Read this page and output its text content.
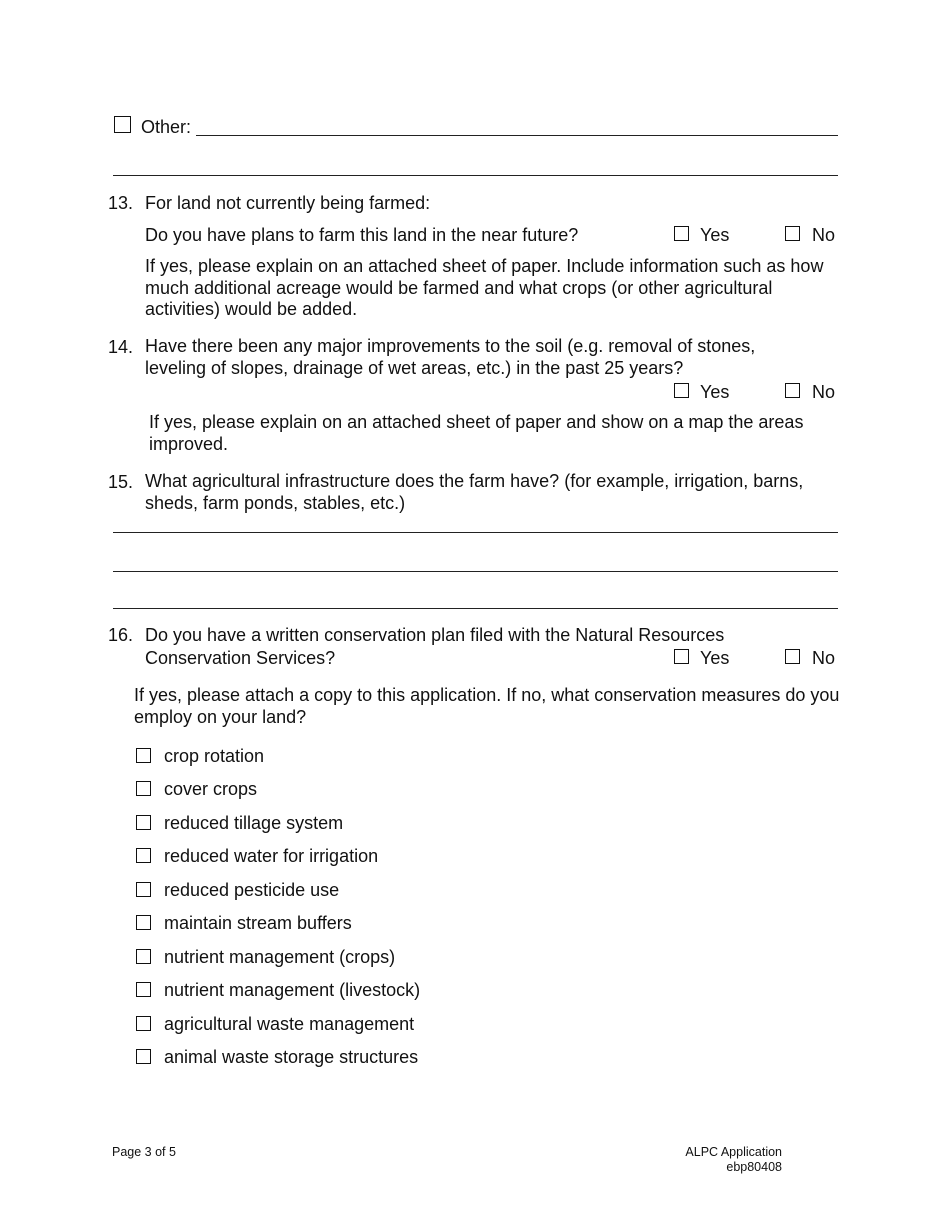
Other:
13. For land not currently being farmed:
Do you have plans to farm this land in the near future?	Yes	No
If yes, please explain on an attached sheet of paper. Include information such as how much additional acreage would be farmed and what crops (or other agricultural activities) would be added.
14. Have there been any major improvements to the soil (e.g. removal of stones, leveling of slopes, drainage of wet areas, etc.) in the past 25 years?
Yes	No
If yes, please explain on an attached sheet of paper and show on a map the areas improved.
15. What agricultural infrastructure does the farm have? (for example, irrigation, barns, sheds, farm ponds, stables, etc.)
16. Do you have a written conservation plan filed with the Natural Resources
Conservation Services?	Yes	No
If yes, please attach a copy to this application. If no, what conservation measures do you employ on your land?
crop rotation
cover crops
reduced tillage system
reduced water for irrigation
reduced pesticide use
maintain stream buffers
nutrient management (crops)
nutrient management (livestock)
agricultural waste management
animal waste storage structures
Page 3 of 5	ALPC Application
ebp80408
